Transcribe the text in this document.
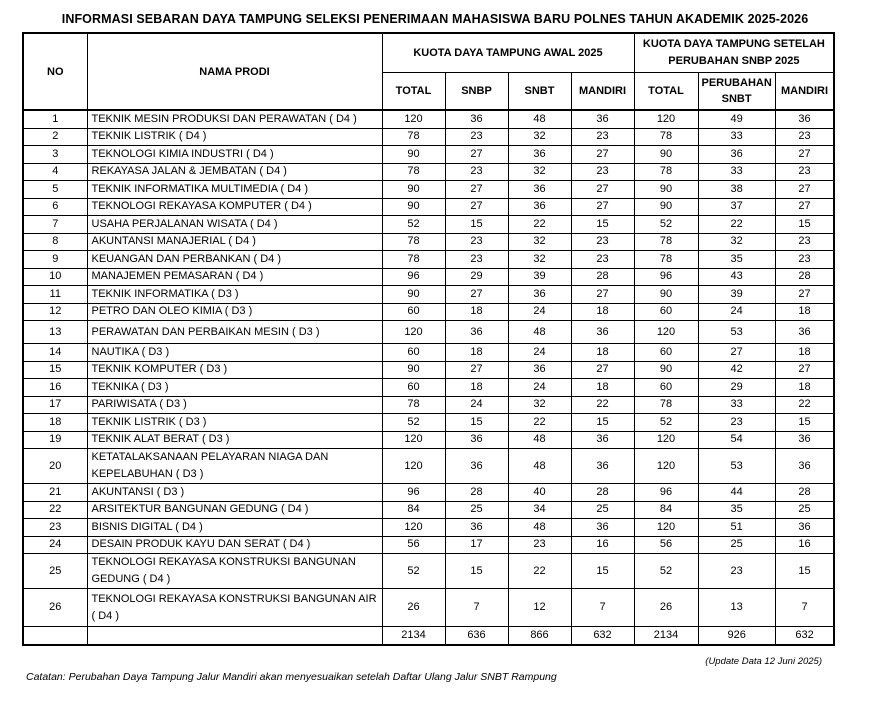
INFORMASI SEBARAN DAYA TAMPUNG SELEKSI PENERIMAAN MAHASISWA BARU POLNES TAHUN AKADEMIK 2025-2026
NO	NAMA PRODI	KUOTA DAYA TAMPUNG AWAL 2025				KUOTA DAYA TAMPUNG SETELAH PERUBAHAN SNBP 2025		
		TOTAL	SNBP	SNBT	MANDIRI	TOTAL	PERUBAHAN SNBT	MANDIRI
1	TEKNIK MESIN PRODUKSI DAN PERAWATAN ( D4 )	120	36	48	36	120	49	36
2	TEKNIK LISTRIK ( D4 )	78	23	32	23	78	33	23
3	TEKNOLOGI KIMIA INDUSTRI ( D4 )	90	27	36	27	90	36	27
4	REKAYASA JALAN & JEMBATAN ( D4 )	78	23	32	23	78	33	23
5	TEKNIK INFORMATIKA MULTIMEDIA ( D4 )	90	27	36	27	90	38	27
6	TEKNOLOGI REKAYASA KOMPUTER ( D4 )	90	27	36	27	90	37	27
7	USAHA PERJALANAN WISATA ( D4 )	52	15	22	15	52	22	15
8	AKUNTANSI MANAJERIAL ( D4 )	78	23	32	23	78	32	23
9	KEUANGAN DAN PERBANKAN ( D4 )	78	23	32	23	78	35	23
10	MANAJEMEN PEMASARAN ( D4 )	96	29	39	28	96	43	28
11	TEKNIK INFORMATIKA ( D3 )	90	27	36	27	90	39	27
12	PETRO DAN OLEO KIMIA ( D3 )	60	18	24	18	60	24	18
13	PERAWATAN DAN PERBAIKAN MESIN ( D3 )	120	36	48	36	120	53	36
14	NAUTIKA ( D3 )	60	18	24	18	60	27	18
15	TEKNIK KOMPUTER ( D3 )	90	27	36	27	90	42	27
16	TEKNIKA ( D3 )	60	18	24	18	60	29	18
17	PARIWISATA ( D3 )	78	24	32	22	78	33	22
18	TEKNIK LISTRIK ( D3 )	52	15	22	15	52	23	15
19	TEKNIK ALAT BERAT ( D3 )	120	36	48	36	120	54	36
20	KETATALAKSANAAN PELAYARAN NIAGA DAN KEPELABUHAN ( D3 )	120	36	48	36	120	53	36
21	AKUNTANSI ( D3 )	96	28	40	28	96	44	28
22	ARSITEKTUR BANGUNAN GEDUNG ( D4 )	84	25	34	25	84	35	25
23	BISNIS DIGITAL ( D4 )	120	36	48	36	120	51	36
24	DESAIN PRODUK KAYU DAN SERAT ( D4 )	56	17	23	16	56	25	16
25	TEKNOLOGI REKAYASA KONSTRUKSI BANGUNAN GEDUNG ( D4 )	52	15	22	15	52	23	15
26	TEKNOLOGI REKAYASA KONSTRUKSI BANGUNAN AIR ( D4 )	26	7	12	7	26	13	7
		2134	636	866	632	2134	926	632
(Update Data 12 Juni 2025)
Catatan: Perubahan Daya Tampung Jalur Mandiri akan menyesuaikan setelah Daftar Ulang Jalur SNBT Rampung
